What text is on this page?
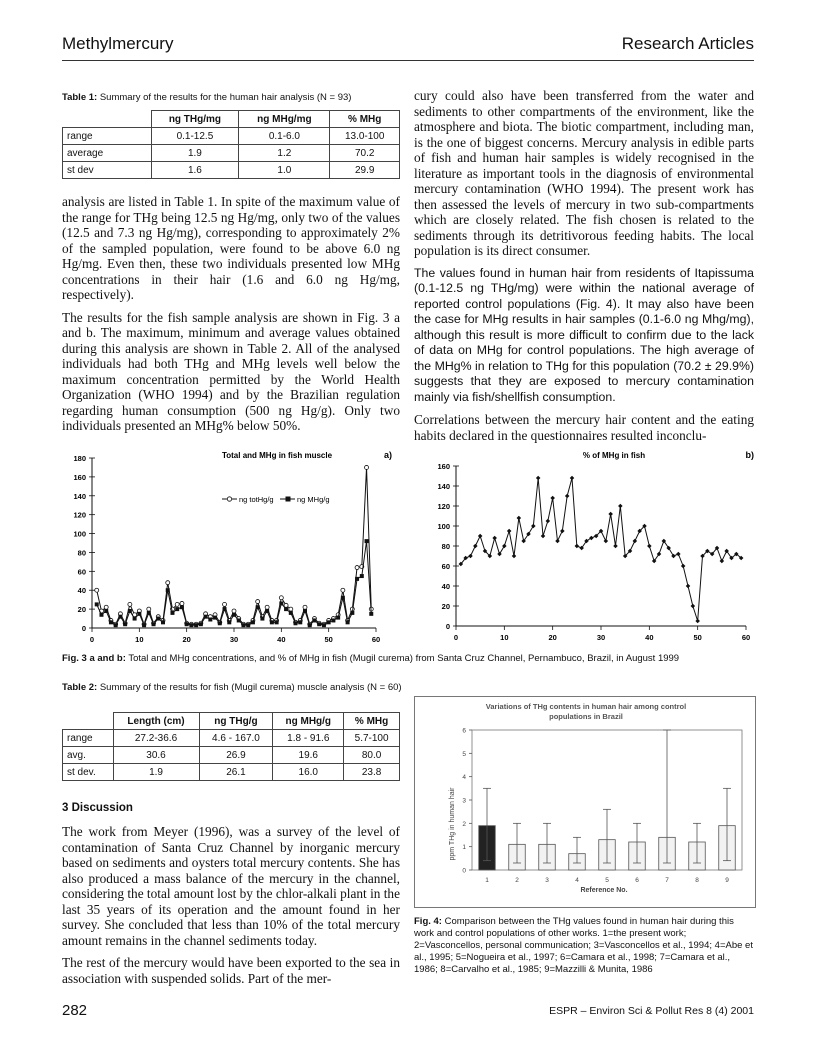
Methylmercury	Research Articles
Table 1: Summary of the results for the human hair analysis (N = 93)
	ng THg/mg	ng MHg/mg	% MHg
range	0.1-12.5	0.1-6.0	13.0-100
average	1.9	1.2	70.2
st dev	1.6	1.0	29.9

analysis are listed in Table 1. In spite of the maximum value of the range for THg being 12.5 ng Hg/mg, only two of the values (12.5 and 7.3 ng Hg/mg), corresponding to approximately 2% of the sampled population, were found to be above 6.0 ng Hg/mg. Even then, these two individuals presented low MHg concentrations in their hair (1.6 and 6.0 ng Hg/mg, respectively).

The results for the fish sample analysis are shown in Fig. 3 a and b. The maximum, minimum and average values obtained during this analysis are shown in Table 2. All of the analysed individuals had both THg and MHg levels well below the maximum concentration permitted by the World Health Organization (WHO 1994) and by the Brazilian regulation regarding human consumption (500 ng Hg/g). Only two individuals presented an MHg% below 50%.

cury could also have been transferred from the water and sediments to other compartments of the environment, like the atmosphere and biota. The biotic compartment, including man, is the one of biggest concerns. Mercury analysis in edible parts of fish and human hair samples is widely recognised in the literature as important tools in the diagnosis of environmental mercury contamination (WHO 1994). The present work has then assessed the levels of mercury in two sub-compartments which are closely related. The fish chosen is related to the sediments through its detritivorous feeding habits. The local population is its direct consumer.

The values found in human hair from residents of Itapissuma (0.1-12.5 ng THg/mg) were within the national average of reported control populations (Fig. 4). It may also have been the case for MHg results in hair samples (0.1-6.0 ng Mhg/mg), although this result is more difficult to confirm due to the lack of data on MHg for control populations. The high average of the MHg% in relation to THg for this population (70.2 ± 29.9%) suggests that they are exposed to mercury contamination mainly via fish/shellfish consumption.

Correlations between the mercury hair content and the eating habits declared in the questionnaires resulted inconclu-

Total and MHg in fish muscle	a)
0
20
40
60
80
100
120
140
160
180
0	10	20	30	40	50	60
ng totHg/g	ng MHg/g
% of MHg in fish	b)
0
20
40
60
80
100
120
140
160
0	10	20	30	40	50	60
Fig. 3 a and b: Total and MHg concentrations, and % of MHg in fish (Mugil curema) from Santa Cruz Channel, Pernambuco, Brazil, in August 1999
Table 2: Summary of the results for fish (Mugil curema) muscle analysis (N = 60)
	Length (cm)	ng THg/g	ng MHg/g	% MHg
range	27.2-36.6	4.6 - 167.0	1.8 - 91.6	5.7-100
avg.	30.6	26.9	19.6	80.0
st dev.	1.9	26.1	16.0	23.8
3 Discussion

The work from Meyer (1996), was a survey of the level of contamination of Santa Cruz Channel by inorganic mercury based on sediments and oysters total mercury contents. She has also produced a mass balance of the mercury in the channel, considering the total amount lost by the chlor-alkali plant in the last 35 years of its operation and the amount found in her survey. She concluded that less than 10% of the total mercury amount remains in the channel sediments today.

The rest of the mercury would have been exported to the sea in association with suspended solids. Part of the mer-

Variations of THg contents in human hair among control
populations in Brazil
ppm THg in human hair
Reference No.
0
1
2
3
4
5
6
1	2	3	4	5	6	7	8	9
Fig. 4: Comparison between the THg values found in human hair during this work and control populations of other works. 1=the present work; 2=Vasconcellos, personal communication; 3=Vasconcellos et al., 1994; 4=Abe et al., 1995; 5=Nogueira et al., 1997; 6=Camara et al., 1998; 7=Camara et al., 1986; 8=Carvalho et al., 1985; 9=Mazzilli & Munita, 1986
282	ESPR – Environ Sci & Pollut Res 8 (4) 2001
